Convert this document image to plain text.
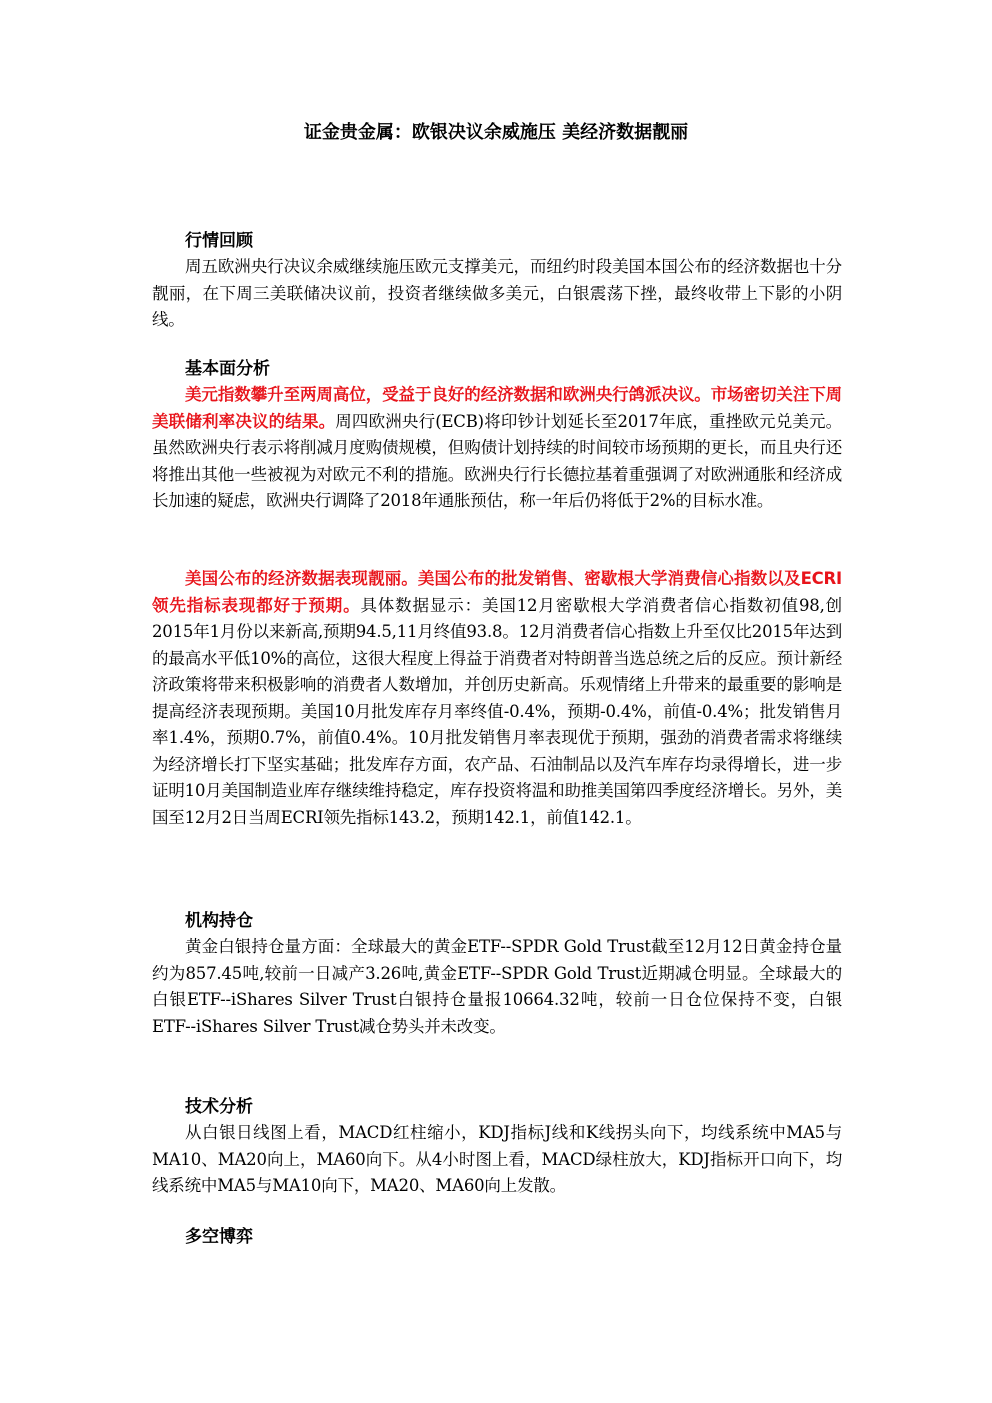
证金贵金属：欧银决议余威施压 美经济数据靓丽
行情回顾

周五欧洲央行决议余威继续施压欧元支撑美元，而纽约时段美国本国公布的经济数据也十分靓丽，在下周三美联储决议前，投资者继续做多美元，白银震荡下挫，最终收带上下影的小阴线。

基本面分析

美元指数攀升至两周高位，受益于良好的经济数据和欧洲央行鸽派决议。市场密切关注下周美联储利率决议的结果。周四欧洲央行(ECB)将印钞计划延长至2017年底，重挫欧元兑美元。虽然欧洲央行表示将削减月度购债规模，但购债计划持续的时间较市场预期的更长，而且央行还将推出其他一些被视为对欧元不利的措施。欧洲央行行长德拉基着重强调了对欧洲通胀和经济成长加速的疑虑，欧洲央行调降了2018年通胀预估，称一年后仍将低于2%的目标水准。

美国公布的经济数据表现靓丽。美国公布的批发销售、密歇根大学消费信心指数以及ECRI领先指标表现都好于预期。具体数据显示：美国12月密歇根大学消费者信心指数初值98,创2015年1月份以来新高,预期94.5,11月终值93.8。12月消费者信心指数上升至仅比2015年达到的最高水平低10%的高位，这很大程度上得益于消费者对特朗普当选总统之后的反应。预计新经济政策将带来积极影响的消费者人数增加，并创历史新高。乐观情绪上升带来的最重要的影响是提高经济表现预期。美国10月批发库存月率终值-0.4%，预期-0.4%，前值-0.4%；批发销售月率1.4%，预期0.7%，前值0.4%。10月批发销售月率表现优于预期，强劲的消费者需求将继续为经济增长打下坚实基础；批发库存方面，农产品、石油制品以及汽车库存均录得增长，进一步证明10月美国制造业库存继续维持稳定，库存投资将温和助推美国第四季度经济增长。另外，美国至12月2日当周ECRI领先指标143.2，预期142.1，前值142.1。

机构持仓

黄金白银持仓量方面：全球最大的黄金ETF--SPDR Gold Trust截至12月12日黄金持仓量约为857.45吨,较前一日减产3.26吨,黄金ETF--SPDR Gold Trust近期减仓明显。全球最大的白银ETF--iShares Silver Trust白银持仓量报10664.32吨，较前一日仓位保持不变，白银ETF--iShares Silver Trust减仓势头并未改变。

技术分析

从白银日线图上看，MACD红柱缩小，KDJ指标J线和K线拐头向下，均线系统中MA5与MA10、MA20向上，MA60向下。从4小时图上看，MACD绿柱放大，KDJ指标开口向下，均线系统中MA5与MA10向下，MA20、MA60向上发散。

多空博弈
